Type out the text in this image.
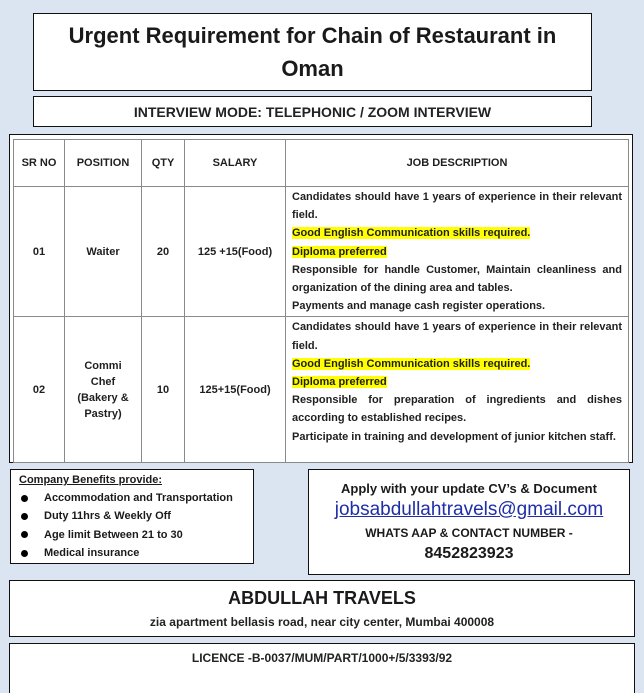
Urgent Requirement for Chain of Restaurant in Oman
INTERVIEW MODE: TELEPHONIC / ZOOM INTERVIEW
SR NO	POSITION	QTY	SALARY	JOB DESCRIPTION
01	Waiter	20	125 +15(Food)	Candidates should have 1 years of experience in their relevant field.

Good English Communication skills required.

Diploma preferred

Responsible for handle Customer, Maintain cleanliness and organization of the dining area and tables.

Payments and manage cash register operations.

02	Commi Chef (Bakery & Pastry)	10	125+15(Food)	Candidates should have 1 years of experience in their relevant field.

Good English Communication skills required.

Diploma preferred

Responsible for preparation of ingredients and dishes according to established recipes.

Participate in training and development of junior kitchen staff.

Company Benefits provide:
Accommodation and Transportation
Duty 11hrs & Weekly Off
Age limit Between 21 to 30
Medical insurance
Apply with your update CV’s & Document
jobsabdullahtravels@gmail.com
WHATS AAP & CONTACT NUMBER -
8452823923
ABDULLAH TRAVELS
zia apartment bellasis road, near city center, Mumbai 400008
LICENCE -B-0037/MUM/PART/1000+/5/3393/92
